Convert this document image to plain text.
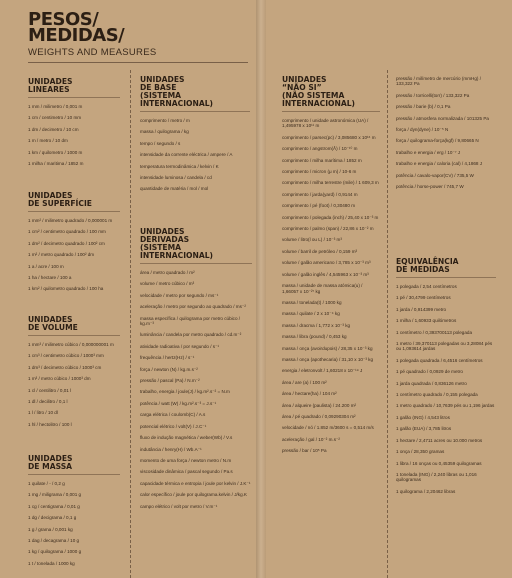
PESOS/
MEDIDAS/
WEIGHTS AND MEASURES
UNIDADES
LINEARES
1 mm / milimetro / 0,001 m
1 cm / centimetro / 10 mm
1 dm / decimetro / 10 cm
1 m / metro / 10 dm
1 km / quilometro / 1000 m
1 milha / maritima / 1852 m
UNIDADES
DE SUPERFÍCIE
1 mm² / milimetro quadrado / 0,000001 m
1 cm² / centimetro quadrado / 100 mm
1 dm² / decimetro quadrado / 100² cm
1 m² / metro quadrado / 100² dm
1 a / acre / 100 m
1 ha / hectare / 100 a
1 km² / quilometro quadrado / 100 ha
UNIDADES
DE VOLUME
1 mm³ / milimetro cúbico / 0,000000001 m
1 cm³ / centimetro cúbico / 1000³ mm
1 dm³ / decimetro cúbico / 1000³ cm
1 m³ / metro cúbico / 1000³ dm
1 cl / centilitro / 0,01 l
1 dl / decilitro / 0,1 l
1 l / litro / 10 dl
1 hl / hectolitro / 100 l
UNIDADES
DE MASSA
1 quilate / - / 0,2 g
1 mg / miligrama / 0,001 g
1 cg / centigrama / 0,01 g
1 dg / decigrama / 0,1 g
1 g / grama / 0,001 kg
1 dag / decagrama / 10 g
1 kg / quilograma / 1000 g
1 t / tonelada / 1000 kg
UNIDADES
DE BASE
(SISTEMA
INTERNACIONAL)
comprimento / metro / m
massa / quilograma / kg
tempo / segundo / s
intensidade da corrente eléctrica / ampere / A
temperatura termodinâmica / kelvin / K
intensidade luminosa / candela / cd
quantidade de matéria / mol / mol
UNIDADES
DERIVADAS
(SISTEMA
INTERNACIONAL)
área / metro quadrado / m²
volume / metro cúbico / m³
velocidade / metro por segundo / ms⁻¹
aceleração / metro por segundo ao quadrado / ms⁻²
massa específica / quilograma por metro cúbico / kg.m⁻³
luminância / candela por metro quadrado / cd.m⁻²
atividade radioativa / por segundo / s⁻¹
frequência / hertz(Hz) / s⁻¹
força / newton (N) / kg.m.s⁻²
pressão / pascal (Pa) / N.m⁻²
trabalho, energia / joule(J) / kg.m².s⁻² = N.m
potência / watt (W) / kg.m².s⁻³ = J.s⁻¹
carga elétrica / coulomb(C) / A.s
potencial elétrico / volt(V) / J.C⁻¹
fluxo de indução magnética / weber(Wb) / V.s
indutância / henry(H) / Wb.A⁻¹
momento de uma força / newton metro / N.m
viscosidade dinâmica / pascal segundo / Pa.s
capacidade térmica e entropia / joule por kelvin / J.K⁻¹
calor específico / joule por quilograma.kelvin / J/kg.K
campo elétrico / volt por metro / V.m⁻¹
UNIDADES
“NÃO SI”
(NÃO SISTEMA
INTERNACIONAL)
comprimento / unidade astronómica (UA) / 1,495978 x 10¹¹ m
comprimento / parsec(pc) / 3,085680 x 10¹⁶ m
comprimento / angstrom(Å) / 10⁻¹⁰ m
comprimento / milha marítima / 1852 m
comprimento / micron (μ m) / 10-6 m
comprimento / milha terrestre (mile) / 1 609,3 m
comprimento / jarda(yard) / 0,9144 m
comprimento / pé (foot) / 0,30480 m
comprimento / polegada (inch) / 25,40 x 10⁻³ m
comprimento / palmo (span) / 22,86 x 10⁻² m
volume / litro(l ou L) / 10⁻³ m³
volume / barril de petróleo / 0,159 m³
volume / galão americano / 3,785 x 10⁻³ m³
volume / galão inglês / 4,545963 x 10⁻³ m³
massa / unidade de massa atómica(u) / 1,66057 x 10⁻²⁷ kg
massa / tonelada(t) / 1000 kg
massa / quilate / 2 x 10⁻⁴ kg
massa / dracma / 1,772 x 10⁻³ kg
massa / libra (pound) / 0,453 kg
massa / onça (avoirdupois) / 28,35 x 10⁻³ kg
massa / onça (apothecaria) / 31,10 x 10⁻³ kg
energia / eletronvolt / 1,60218 x 10⁻¹⁹ J
área / are (a) / 100 m²
área / hectare(ha) / 104 m²
área / alqueire (paulista) / 24.200 m²
área / pé quadrado / 0,09290304 m²
velocidade / nó / 1.852 m/3600 s = 0,514 m/s
aceleração / gal / 10⁻² m.s⁻²
pressão / bar / 10⁵ Pa
pressão / milímetro de mercúrio (mmHg) / 133,322 Pa
pressão / torricelli(torr) / 133,322 Pa
pressão / barie (b) / 0,1 Pa
pressão / atmosfera normalizada / 101325 Pa
força / dyn(dyne) / 10⁻⁵ N
força / quilograma-força(kgf) / 9,80665 N
trabalho e energia / erg / 10⁻⁷ J
trabalho e energia / caloria (cal) / 4,1868 J
potência / cavalo-vapor(CV) / 735,5 W
potência / horse-power / 745,7 W
EQUIVALÊNCIA
DE MEDIDAS
1 polegada / 2,54 centímetros
1 pé / 30,4799 centímetros
1 jarda / 0,914399 metro
1 milha / 1,60933 quilómetros
1 centímetro / 0,393700113 polegada
1 metro / 39,370113 polegadas ou 3,28084 pés ou 1,093614 jardas
1 polegada quadrada / 6,4516 centímetros
1 pé quadrado / 0,0929 de metro
1 jarda quadrada / 0,836126 metro
1 centímetro quadrado / 0,155 polegada
1 metro quadrado / 10,7639 pés ou 1,196 jardas
1 galão (ING) / 4,543 litros
1 galão (EUA) / 3,785 litros
1 hectare / 2,4711 acres ou 10.000 metros
1 onça / 28,350 gramas
1 libra / 16 onças ou 0,45359 quilogramas
1 tonelada (ING) / 2,240 libras ou 1,016 quilogramas
1 quilograma / 2,20462 libras
